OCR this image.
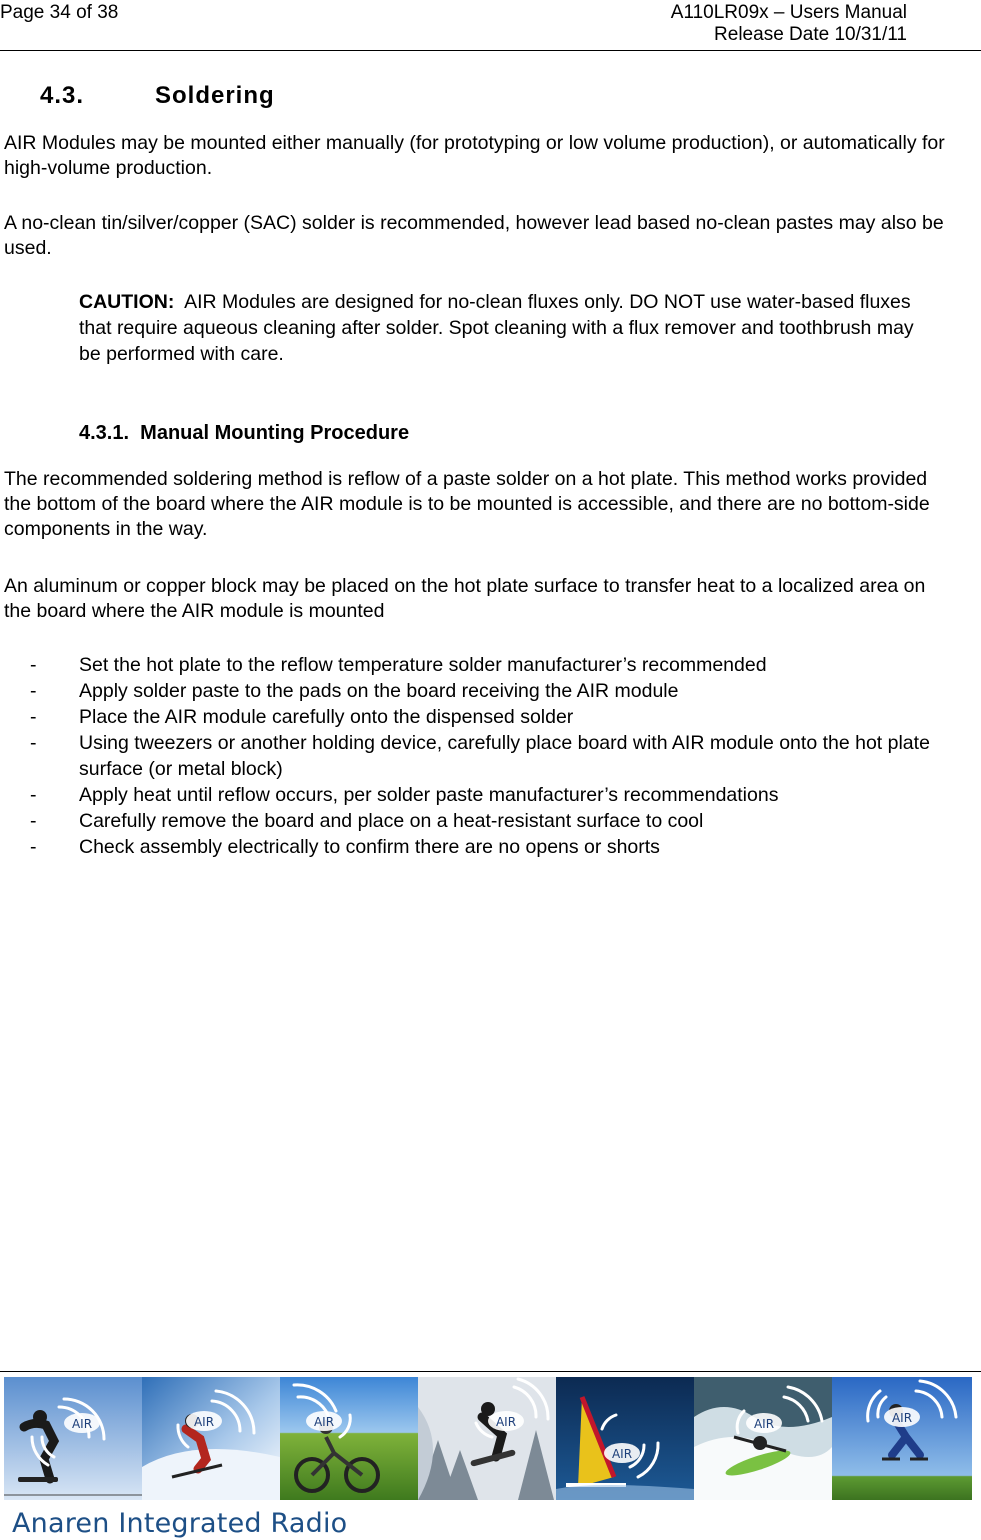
Page 34 of 38	A110LR09x – Users Manual
Release Date 10/31/11
4.3.	Soldering

AIR Modules may be mounted either manually (for prototyping or low volume production), or automatically for high-volume production.

A no-clean tin/silver/copper (SAC) solder is recommended, however lead based no-clean pastes may also be used.

CAUTION: AIR Modules are designed for no-clean fluxes only. DO NOT use water-based fluxes that require aqueous cleaning after solder. Spot cleaning with a flux remover and toothbrush may be performed with care.

4.3.1. Manual Mounting Procedure

The recommended soldering method is reflow of a paste solder on a hot plate. This method works provided the bottom of the board where the AIR module is to be mounted is accessible, and there are no bottom-side components in the way.

An aluminum or copper block may be placed on the hot plate surface to transfer heat to a localized area on the board where the AIR module is mounted

- Set the hot plate to the reflow temperature solder manufacturer’s recommended
- Apply solder paste to the pads on the board receiving the AIR module
- Place the AIR module carefully onto the dispensed solder
- Using tweezers or another holding device, carefully place board with AIR module onto the hot plate surface (or metal block)
- Apply heat until reflow occurs, per solder paste manufacturer’s recommendations
- Carefully remove the board and place on a heat-resistant surface to cool
- Check assembly electrically to confirm there are no opens or shorts
AIR	AIR	AIR	AIR
AIR
AIR	AIR
Anaren Integrated Radio
